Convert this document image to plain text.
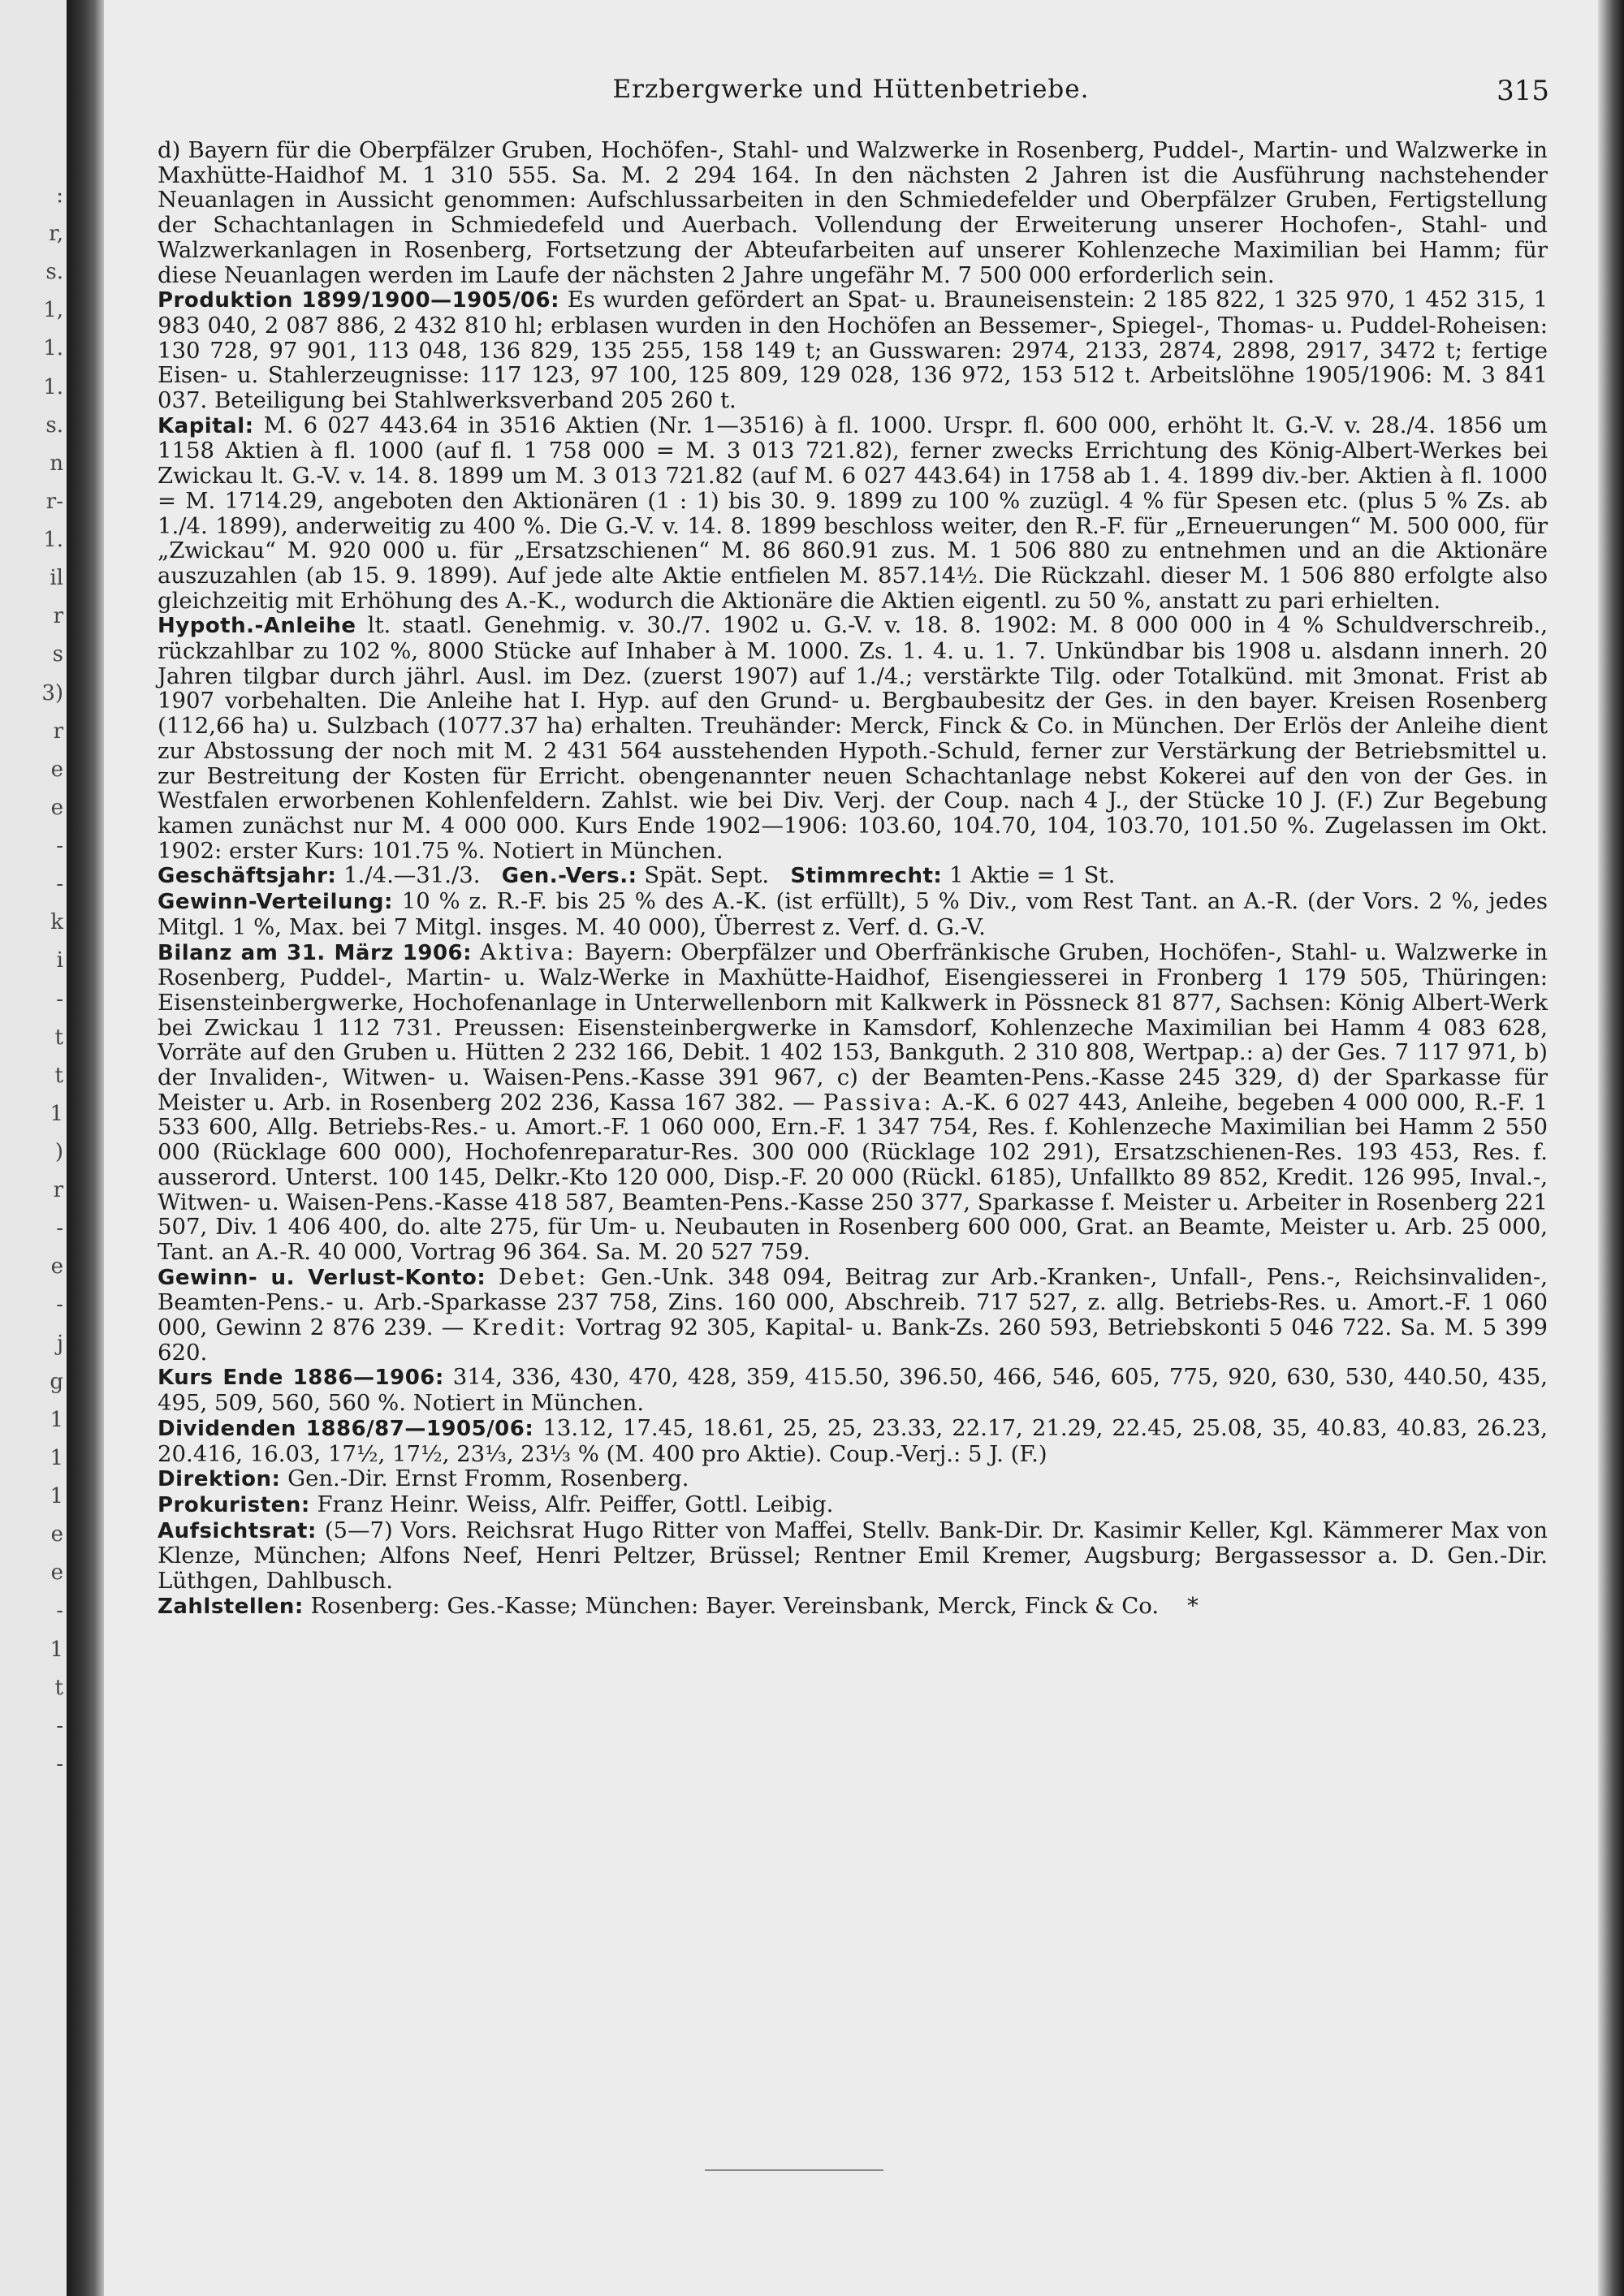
:
r,
s.
1,
1.
1.
s.
n
r-
1.
il
r
s
3)
r
e
e
-
-
k
i
-
t
t
1
)
r
-
e
-
j
g
1
1
1
e
e
-
1
t
-
-
Erzbergwerke und Hüttenbetriebe.	315

d) Bayern für die Oberpfälzer Gruben, Hochöfen-, Stahl- und Walzwerke in Rosenberg, Puddel-, Martin- und Walzwerke in Maxhütte-Haidhof M. 1 310 555. Sa. M. 2 294 164. In den nächsten 2 Jahren ist die Ausführung nachstehender Neuanlagen in Aussicht genommen: Aufschlussarbeiten in den Schmiedefelder und Oberpfälzer Gruben, Fertigstellung der Schachtanlagen in Schmiedefeld und Auerbach. Vollendung der Erweiterung unserer Hochofen-, Stahl- und Walzwerkanlagen in Rosenberg, Fortsetzung der Abteufarbeiten auf unserer Kohlenzeche Maximilian bei Hamm; für diese Neuanlagen werden im Laufe der nächsten 2 Jahre ungefähr M. 7 500 000 erforderlich sein.

Produktion 1899/1900—1905/06: Es wurden gefördert an Spat- u. Brauneisenstein: 2 185 822, 1 325 970, 1 452 315, 1 983 040, 2 087 886, 2 432 810 hl; erblasen wurden in den Hochöfen an Bessemer-, Spiegel-, Thomas- u. Puddel-Roheisen: 130 728, 97 901, 113 048, 136 829, 135 255, 158 149 t; an Gusswaren: 2974, 2133, 2874, 2898, 2917, 3472 t; fertige Eisen- u. Stahlerzeugnisse: 117 123, 97 100, 125 809, 129 028, 136 972, 153 512 t. Arbeitslöhne 1905/1906: M. 3 841 037. Beteiligung bei Stahlwerksverband 205 260 t.

Kapital: M. 6 027 443.64 in 3516 Aktien (Nr. 1—3516) à fl. 1000. Urspr. fl. 600 000, erhöht lt. G.-V. v. 28./4. 1856 um 1158 Aktien à fl. 1000 (auf fl. 1 758 000 = M. 3 013 721.82), ferner zwecks Errichtung des König-Albert-Werkes bei Zwickau lt. G.-V. v. 14. 8. 1899 um M. 3 013 721.82 (auf M. 6 027 443.64) in 1758 ab 1. 4. 1899 div.-ber. Aktien à fl. 1000 = M. 1714.29, angeboten den Aktionären (1 : 1) bis 30. 9. 1899 zu 100 % zuzügl. 4 % für Spesen etc. (plus 5 % Zs. ab 1./4. 1899), anderweitig zu 400 %. Die G.-V. v. 14. 8. 1899 beschloss weiter, den R.-F. für „Erneuerungen“ M. 500 000, für „Zwickau“ M. 920 000 u. für „Ersatzschienen“ M. 86 860.91 zus. M. 1 506 880 zu entnehmen und an die Aktionäre auszuzahlen (ab 15. 9. 1899). Auf jede alte Aktie entfielen M. 857.14½. Die Rückzahl. dieser M. 1 506 880 erfolgte also gleichzeitig mit Erhöhung des A.-K., wodurch die Aktionäre die Aktien eigentl. zu 50 %, anstatt zu pari erhielten.

Hypoth.-Anleihe lt. staatl. Genehmig. v. 30./7. 1902 u. G.-V. v. 18. 8. 1902: M. 8 000 000 in 4 % Schuldverschreib., rückzahlbar zu 102 %, 8000 Stücke auf Inhaber à M. 1000. Zs. 1. 4. u. 1. 7. Unkündbar bis 1908 u. alsdann innerh. 20 Jahren tilgbar durch jährl. Ausl. im Dez. (zuerst 1907) auf 1./4.; verstärkte Tilg. oder Totalkünd. mit 3monat. Frist ab 1907 vorbehalten. Die Anleihe hat I. Hyp. auf den Grund- u. Bergbaubesitz der Ges. in den bayer. Kreisen Rosenberg (112,66 ha) u. Sulzbach (1077.37 ha) erhalten. Treuhänder: Merck, Finck & Co. in München. Der Erlös der Anleihe dient zur Abstossung der noch mit M. 2 431 564 ausstehenden Hypoth.-Schuld, ferner zur Verstärkung der Betriebsmittel u. zur Bestreitung der Kosten für Erricht. obengenannter neuen Schachtanlage nebst Kokerei auf den von der Ges. in Westfalen erworbenen Kohlenfeldern. Zahlst. wie bei Div. Verj. der Coup. nach 4 J., der Stücke 10 J. (F.) Zur Begebung kamen zunächst nur M. 4 000 000. Kurs Ende 1902—1906: 103.60, 104.70, 104, 103.70, 101.50 %. Zugelassen im Okt. 1902: erster Kurs: 101.75 %. Notiert in München.

Geschäftsjahr: 1./4.—31./3. Gen.-Vers.: Spät. Sept. Stimmrecht: 1 Aktie = 1 St.

Gewinn-Verteilung: 10 % z. R.-F. bis 25 % des A.-K. (ist erfüllt), 5 % Div., vom Rest Tant. an A.-R. (der Vors. 2 %, jedes Mitgl. 1 %, Max. bei 7 Mitgl. insges. M. 40 000), Überrest z. Verf. d. G.-V.

Bilanz am 31. März 1906: Aktiva: Bayern: Oberpfälzer und Oberfränkische Gruben, Hochöfen-, Stahl- u. Walzwerke in Rosenberg, Puddel-, Martin- u. Walz-Werke in Maxhütte-Haidhof, Eisengiesserei in Fronberg 1 179 505, Thüringen: Eisensteinbergwerke, Hochofenanlage in Unterwellenborn mit Kalkwerk in Pössneck 81 877, Sachsen: König Albert-Werk bei Zwickau 1 112 731. Preussen: Eisensteinbergwerke in Kamsdorf, Kohlenzeche Maximilian bei Hamm 4 083 628, Vorräte auf den Gruben u. Hütten 2 232 166, Debit. 1 402 153, Bankguth. 2 310 808, Wertpap.: a) der Ges. 7 117 971, b) der Invaliden-, Witwen- u. Waisen-Pens.-Kasse 391 967, c) der Beamten-Pens.-Kasse 245 329, d) der Sparkasse für Meister u. Arb. in Rosenberg 202 236, Kassa 167 382. — Passiva: A.-K. 6 027 443, Anleihe, begeben 4 000 000, R.-F. 1 533 600, Allg. Betriebs-Res.- u. Amort.-F. 1 060 000, Ern.-F. 1 347 754, Res. f. Kohlenzeche Maximilian bei Hamm 2 550 000 (Rücklage 600 000), Hochofenreparatur-Res. 300 000 (Rücklage 102 291), Ersatzschienen-Res. 193 453, Res. f. ausserord. Unterst. 100 145, Delkr.-Kto 120 000, Disp.-F. 20 000 (Rückl. 6185), Unfallkto 89 852, Kredit. 126 995, Inval.-, Witwen- u. Waisen-Pens.-Kasse 418 587, Beamten-Pens.-Kasse 250 377, Sparkasse f. Meister u. Arbeiter in Rosenberg 221 507, Div. 1 406 400, do. alte 275, für Um- u. Neubauten in Rosenberg 600 000, Grat. an Beamte, Meister u. Arb. 25 000, Tant. an A.-R. 40 000, Vortrag 96 364. Sa. M. 20 527 759.

Gewinn- u. Verlust-Konto: Debet: Gen.-Unk. 348 094, Beitrag zur Arb.-Kranken-, Unfall-, Pens.-, Reichsinvaliden-, Beamten-Pens.- u. Arb.-Sparkasse 237 758, Zins. 160 000, Abschreib. 717 527, z. allg. Betriebs-Res. u. Amort.-F. 1 060 000, Gewinn 2 876 239. — Kredit: Vortrag 92 305, Kapital- u. Bank-Zs. 260 593, Betriebskonti 5 046 722. Sa. M. 5 399 620.

Kurs Ende 1886—1906: 314, 336, 430, 470, 428, 359, 415.50, 396.50, 466, 546, 605, 775, 920, 630, 530, 440.50, 435, 495, 509, 560, 560 %. Notiert in München.

Dividenden 1886/87—1905/06: 13.12, 17.45, 18.61, 25, 25, 23.33, 22.17, 21.29, 22.45, 25.08, 35, 40.83, 40.83, 26.23, 20.416, 16.03, 17½, 17½, 23⅓, 23⅓ % (M. 400 pro Aktie). Coup.-Verj.: 5 J. (F.)

Direktion: Gen.-Dir. Ernst Fromm, Rosenberg.

Prokuristen: Franz Heinr. Weiss, Alfr. Peiffer, Gottl. Leibig.

Aufsichtsrat: (5—7) Vors. Reichsrat Hugo Ritter von Maffei, Stellv. Bank-Dir. Dr. Kasimir Keller, Kgl. Kämmerer Max von Klenze, München; Alfons Neef, Henri Peltzer, Brüssel; Rentner Emil Kremer, Augsburg; Bergassessor a. D. Gen.-Dir. Lüthgen, Dahlbusch.

Zahlstellen: Rosenberg: Ges.-Kasse; München: Bayer. Vereinsbank, Merck, Finck & Co. *
